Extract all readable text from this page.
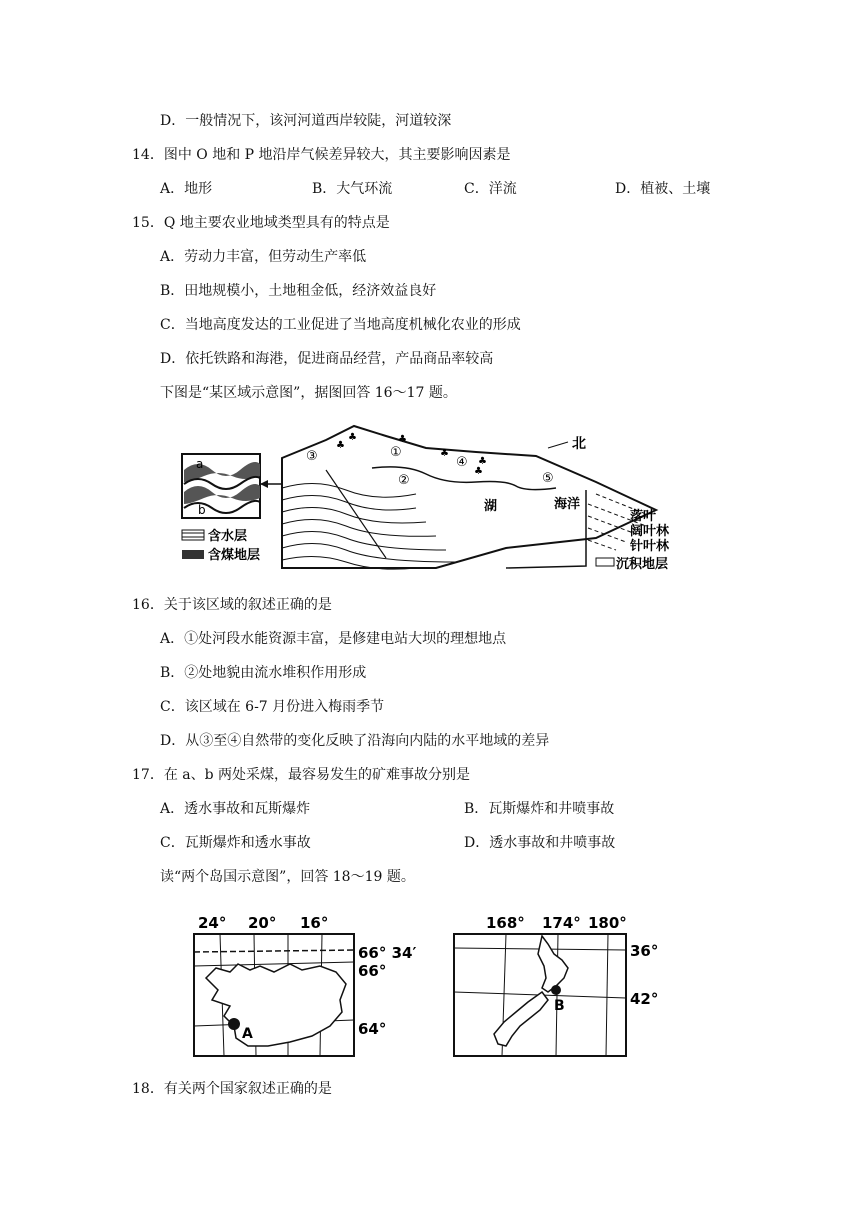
D．一般情况下，该河河道西岸较陡，河道较深
14．图中 O 地和 P 地沿岸气候差异较大，其主要影响因素是
A．地形	B．大气环流	C．洋流	D．植被、土壤
15．Q 地主要农业地域类型具有的特点是
A．劳动力丰富，但劳动生产率低
B．田地规模小，土地租金低，经济效益良好
C．当地高度发达的工业促进了当地高度机械化农业的形成
D．依托铁路和海港，促进商品经营，产品商品率较高
下图是“某区域示意图”，据图回答 16～17 题。
a
b
含水层
含煤地层
♣
♣
♣
♣
♣
♣
北
①
②
③	④
⑤
湖	海洋
落叶
阔叶林
针叶林
沉积地层
16．关于该区域的叙述正确的是
A．①处河段水能资源丰富，是修建电站大坝的理想地点
B．②处地貌由流水堆积作用形成
C．该区域在 6-7 月份进入梅雨季节
D．从③至④自然带的变化反映了沿海向内陆的水平地域的差异
17．在 a、b 两处采煤，最容易发生的矿难事故分别是
A．透水事故和瓦斯爆炸	B．瓦斯爆炸和井喷事故
C．瓦斯爆炸和透水事故	D．透水事故和井喷事故
读“两个岛国示意图”，回答 18～19 题。
24° 20° 16°
A
66° 34′
66°
64°
168° 174° 180°
B
36°
42°
18．有关两个国家叙述正确的是
